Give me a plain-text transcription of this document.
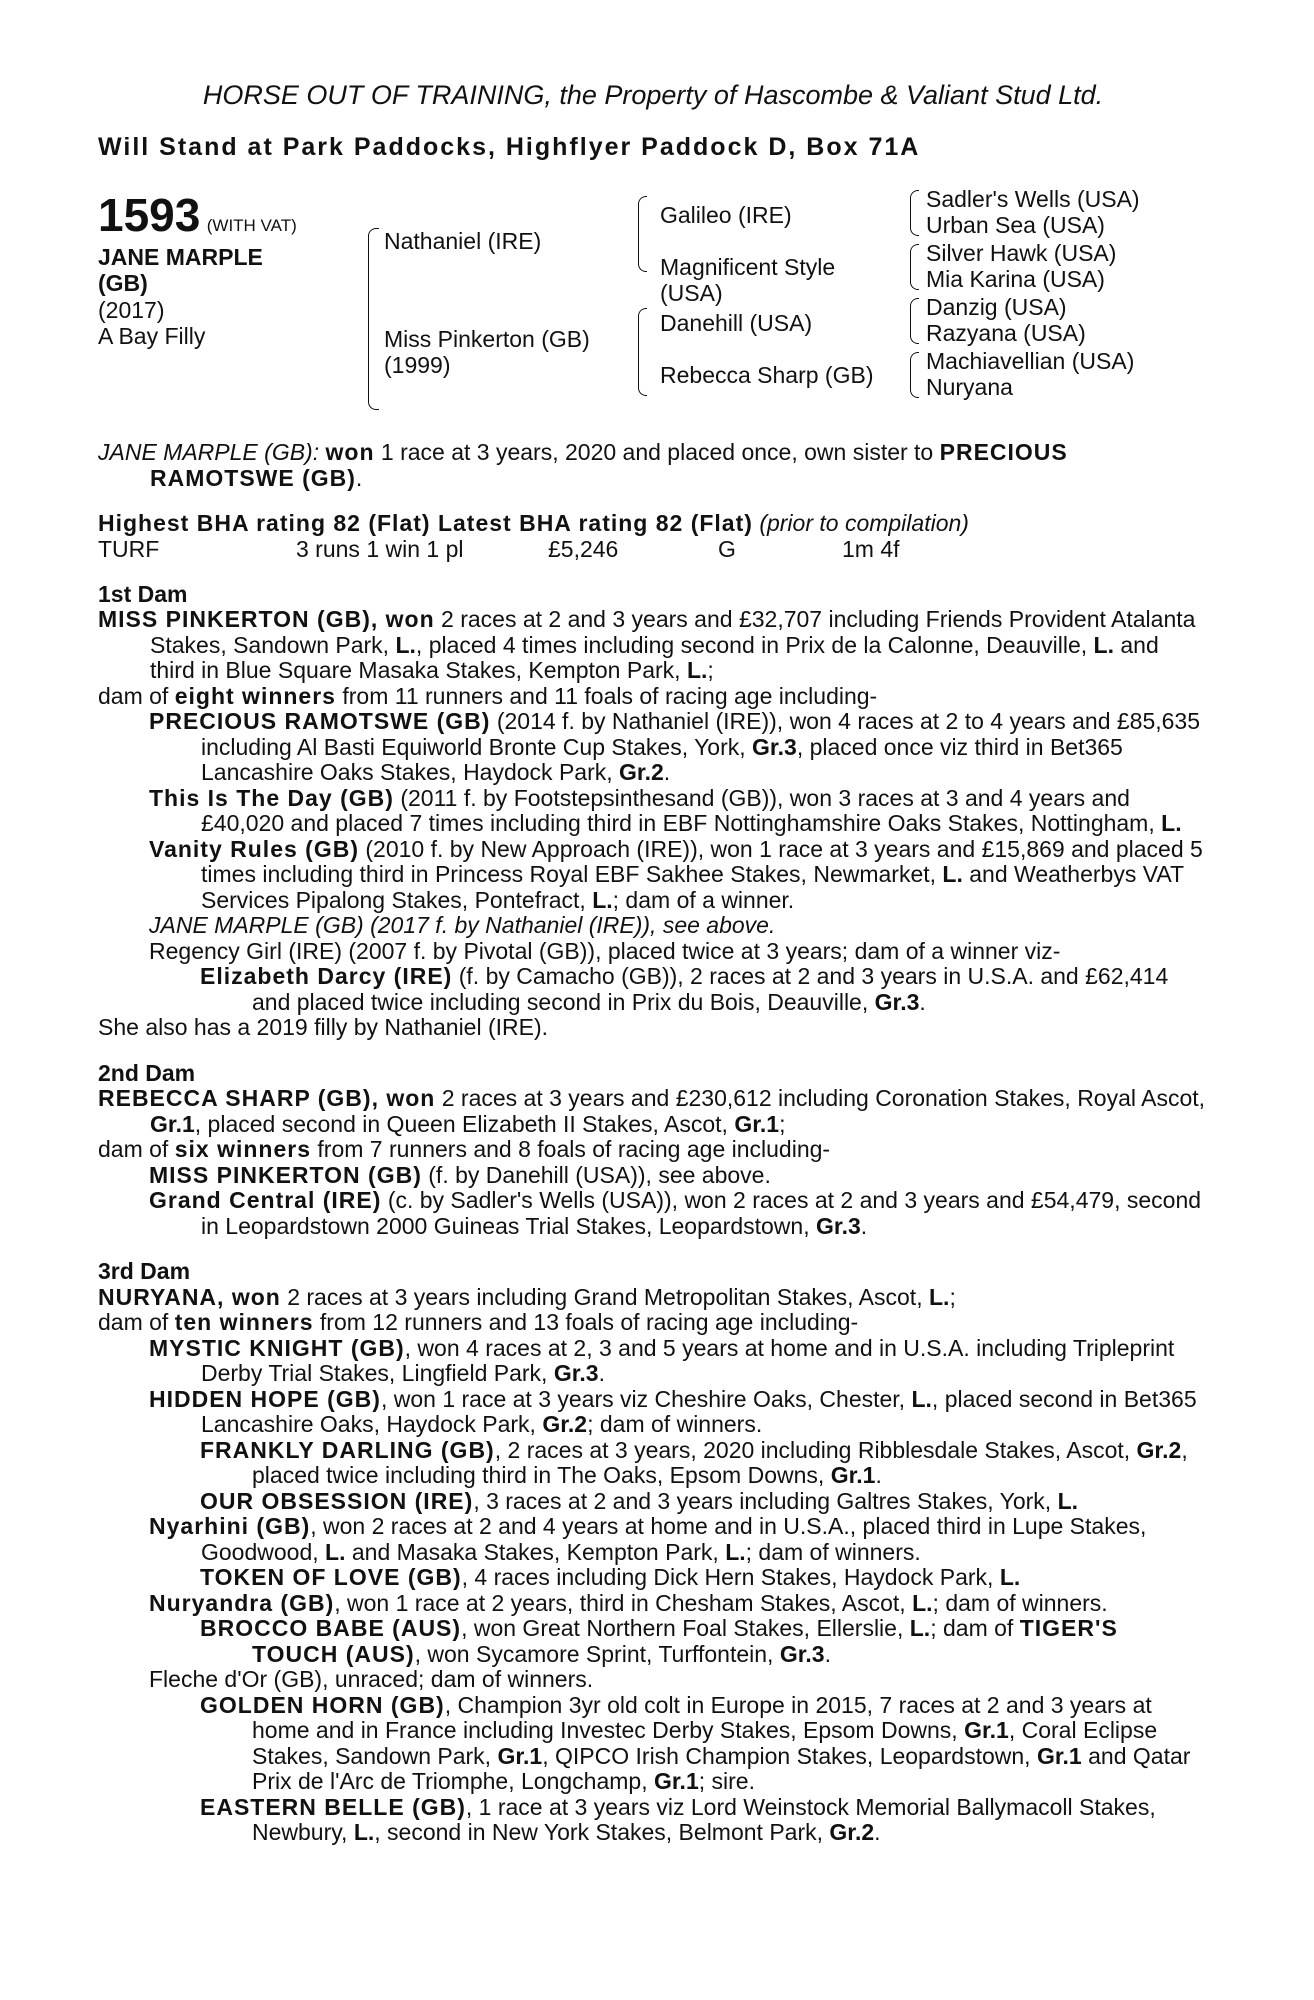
HORSE OUT OF TRAINING, the Property of Hascombe & Valiant Stud Ltd.
Will Stand at Park Paddocks, Highflyer Paddock D, Box 71A
1593 (WITH VAT)
JANE MARPLE
(GB)
(2017)
A Bay Filly
Nathaniel (IRE)
Miss Pinkerton (GB)
(1999)
Galileo (IRE)
Magnificent Style
(USA)
Danehill (USA)
Rebecca Sharp (GB)
Sadler's Wells (USA)
Urban Sea (USA)
Silver Hawk (USA)
Mia Karina (USA)
Danzig (USA)
Razyana (USA)
Machiavellian (USA)
Nuryana

JANE MARPLE (GB): won 1 race at 3 years, 2020 and placed once, own sister to PRECIOUS RAMOTSWE (GB).

Highest BHA rating 82 (Flat) Latest BHA rating 82 (Flat) (prior to compilation)

TURF	3 runs 1 win 1 pl	£5,246	G	1m 4f

1st Dam

MISS PINKERTON (GB), won 2 races at 2 and 3 years and £32,707 including Friends Provident Atalanta Stakes, Sandown Park, L., placed 4 times including second in Prix de la Calonne, Deauville, L. and third in Blue Square Masaka Stakes, Kempton Park, L.;

dam of eight winners from 11 runners and 11 foals of racing age including-

PRECIOUS RAMOTSWE (GB) (2014 f. by Nathaniel (IRE)), won 4 races at 2 to 4 years and £85,635 including Al Basti Equiworld Bronte Cup Stakes, York, Gr.3, placed once viz third in Bet365 Lancashire Oaks Stakes, Haydock Park, Gr.2.

This Is The Day (GB) (2011 f. by Footstepsinthesand (GB)), won 3 races at 3 and 4 years and £40,020 and placed 7 times including third in EBF Nottinghamshire Oaks Stakes, Nottingham, L.

Vanity Rules (GB) (2010 f. by New Approach (IRE)), won 1 race at 3 years and £15,869 and placed 5 times including third in Princess Royal EBF Sakhee Stakes, Newmarket, L. and Weatherbys VAT Services Pipalong Stakes, Pontefract, L.; dam of a winner.

JANE MARPLE (GB) (2017 f. by Nathaniel (IRE)), see above.

Regency Girl (IRE) (2007 f. by Pivotal (GB)), placed twice at 3 years; dam of a winner viz-

Elizabeth Darcy (IRE) (f. by Camacho (GB)), 2 races at 2 and 3 years in U.S.A. and £62,414 and placed twice including second in Prix du Bois, Deauville, Gr.3.

She also has a 2019 filly by Nathaniel (IRE).

2nd Dam

REBECCA SHARP (GB), won 2 races at 3 years and £230,612 including Coronation Stakes, Royal Ascot, Gr.1, placed second in Queen Elizabeth II Stakes, Ascot, Gr.1;

dam of six winners from 7 runners and 8 foals of racing age including-

MISS PINKERTON (GB) (f. by Danehill (USA)), see above.

Grand Central (IRE) (c. by Sadler's Wells (USA)), won 2 races at 2 and 3 years and £54,479, second in Leopardstown 2000 Guineas Trial Stakes, Leopardstown, Gr.3.

3rd Dam

NURYANA, won 2 races at 3 years including Grand Metropolitan Stakes, Ascot, L.;

dam of ten winners from 12 runners and 13 foals of racing age including-

MYSTIC KNIGHT (GB), won 4 races at 2, 3 and 5 years at home and in U.S.A. including Tripleprint Derby Trial Stakes, Lingfield Park, Gr.3.

HIDDEN HOPE (GB), won 1 race at 3 years viz Cheshire Oaks, Chester, L., placed second in Bet365 Lancashire Oaks, Haydock Park, Gr.2; dam of winners.

FRANKLY DARLING (GB), 2 races at 3 years, 2020 including Ribblesdale Stakes, Ascot, Gr.2, placed twice including third in The Oaks, Epsom Downs, Gr.1.

OUR OBSESSION (IRE), 3 races at 2 and 3 years including Galtres Stakes, York, L.

Nyarhini (GB), won 2 races at 2 and 4 years at home and in U.S.A., placed third in Lupe Stakes, Goodwood, L. and Masaka Stakes, Kempton Park, L.; dam of winners.

TOKEN OF LOVE (GB), 4 races including Dick Hern Stakes, Haydock Park, L.

Nuryandra (GB), won 1 race at 2 years, third in Chesham Stakes, Ascot, L.; dam of winners.

BROCCO BABE (AUS), won Great Northern Foal Stakes, Ellerslie, L.; dam of TIGER'S TOUCH (AUS), won Sycamore Sprint, Turffontein, Gr.3.

Fleche d'Or (GB), unraced; dam of winners.

GOLDEN HORN (GB), Champion 3yr old colt in Europe in 2015, 7 races at 2 and 3 years at home and in France including Investec Derby Stakes, Epsom Downs, Gr.1, Coral Eclipse Stakes, Sandown Park, Gr.1, QIPCO Irish Champion Stakes, Leopardstown, Gr.1 and Qatar Prix de l'Arc de Triomphe, Longchamp, Gr.1; sire.

EASTERN BELLE (GB), 1 race at 3 years viz Lord Weinstock Memorial Ballymacoll Stakes, Newbury, L., second in New York Stakes, Belmont Park, Gr.2.
